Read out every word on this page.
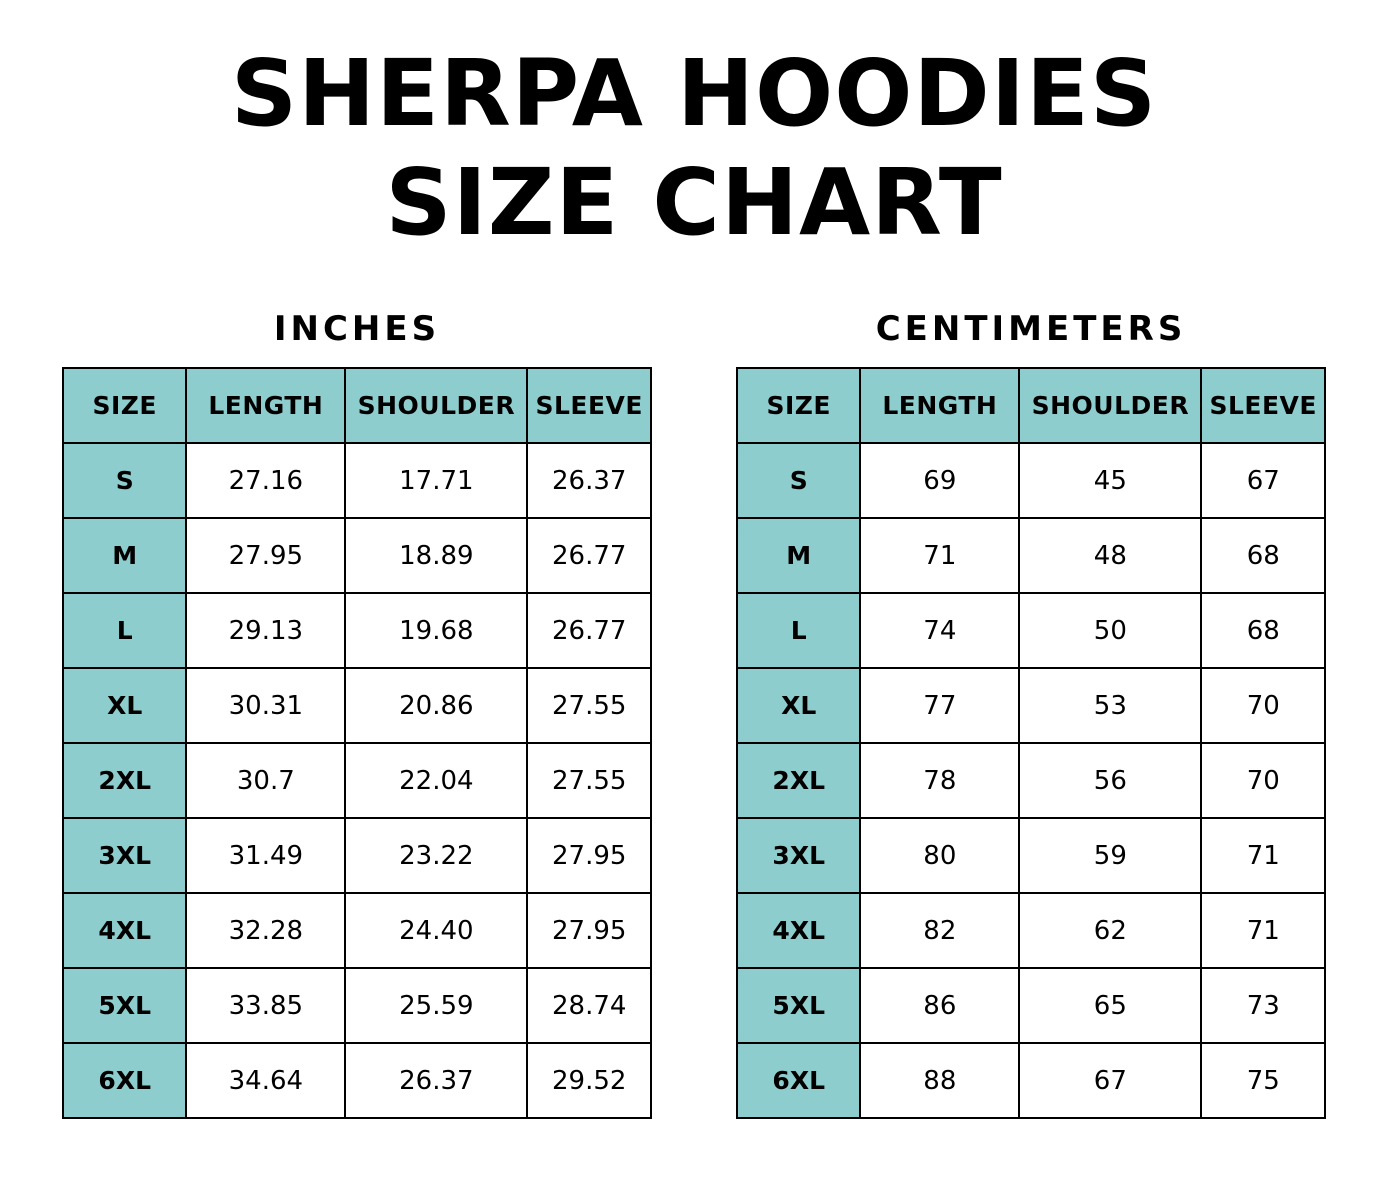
SHERPA HOODIES
SIZE CHART
INCHES
SIZE	LENGTH	SHOULDER	SLEEVE
S	27.16	17.71	26.37
M	27.95	18.89	26.77
L	29.13	19.68	26.77
XL	30.31	20.86	27.55
2XL	30.7	22.04	27.55
3XL	31.49	23.22	27.95
4XL	32.28	24.40	27.95
5XL	33.85	25.59	28.74
6XL	34.64	26.37	29.52
CENTIMETERS
SIZE	LENGTH	SHOULDER	SLEEVE
S	69	45	67
M	71	48	68
L	74	50	68
XL	77	53	70
2XL	78	56	70
3XL	80	59	71
4XL	82	62	71
5XL	86	65	73
6XL	88	67	75
